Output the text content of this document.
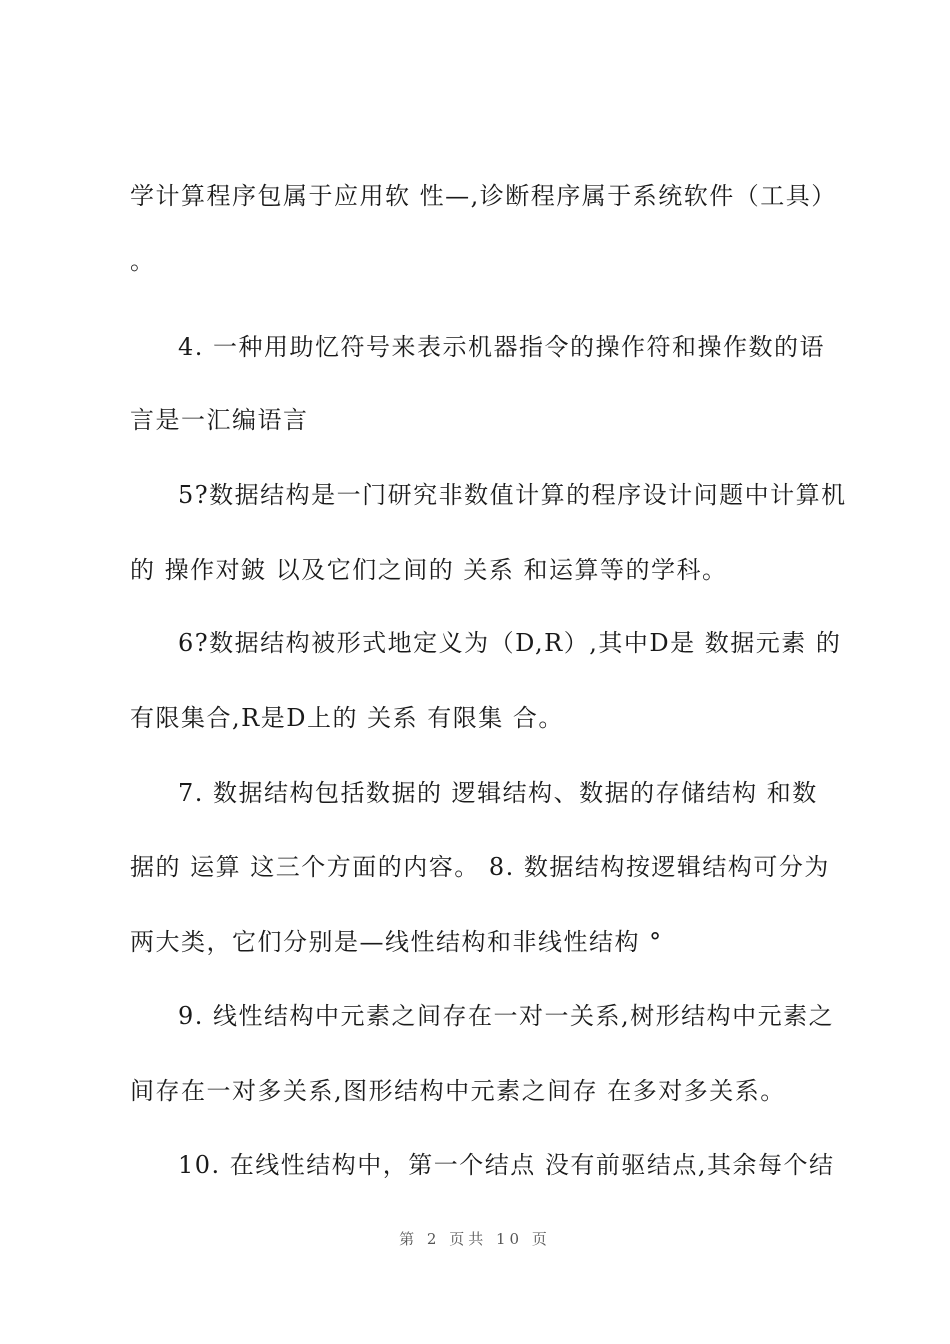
学计算程序包属于应用软 性—,诊断程序属于系统软件（工具）
。
4. 一种用助忆符号来表示机器指令的操作符和操作数的语
言是一汇编语言
5?数据结构是一门研究非数值计算的程序设计问题中计算机
的 操作对鈹 以及它们之间的 关系 和运算等的学科。
6?数据结构被形式地定义为（D,R）,其中D是 数据元素 的
有限集合,R是D上的 关系 有限集 合。
7. 数据结构包括数据的 逻辑结构、数据的存储结构 和数
据的 运算 这三个方面的内容。 8. 数据结构按逻辑结构可分为
两大类，它们分别是—线性结构和非线性结构 °
9. 线性结构中元素之间存在一对一关系,树形结构中元素之
间存在一对多关系,图形结构中元素之间存 在多对多关系。
10. 在线性结构中，第一个结点 没有前驱结点,其余每个结
第 2 页共 10 页
